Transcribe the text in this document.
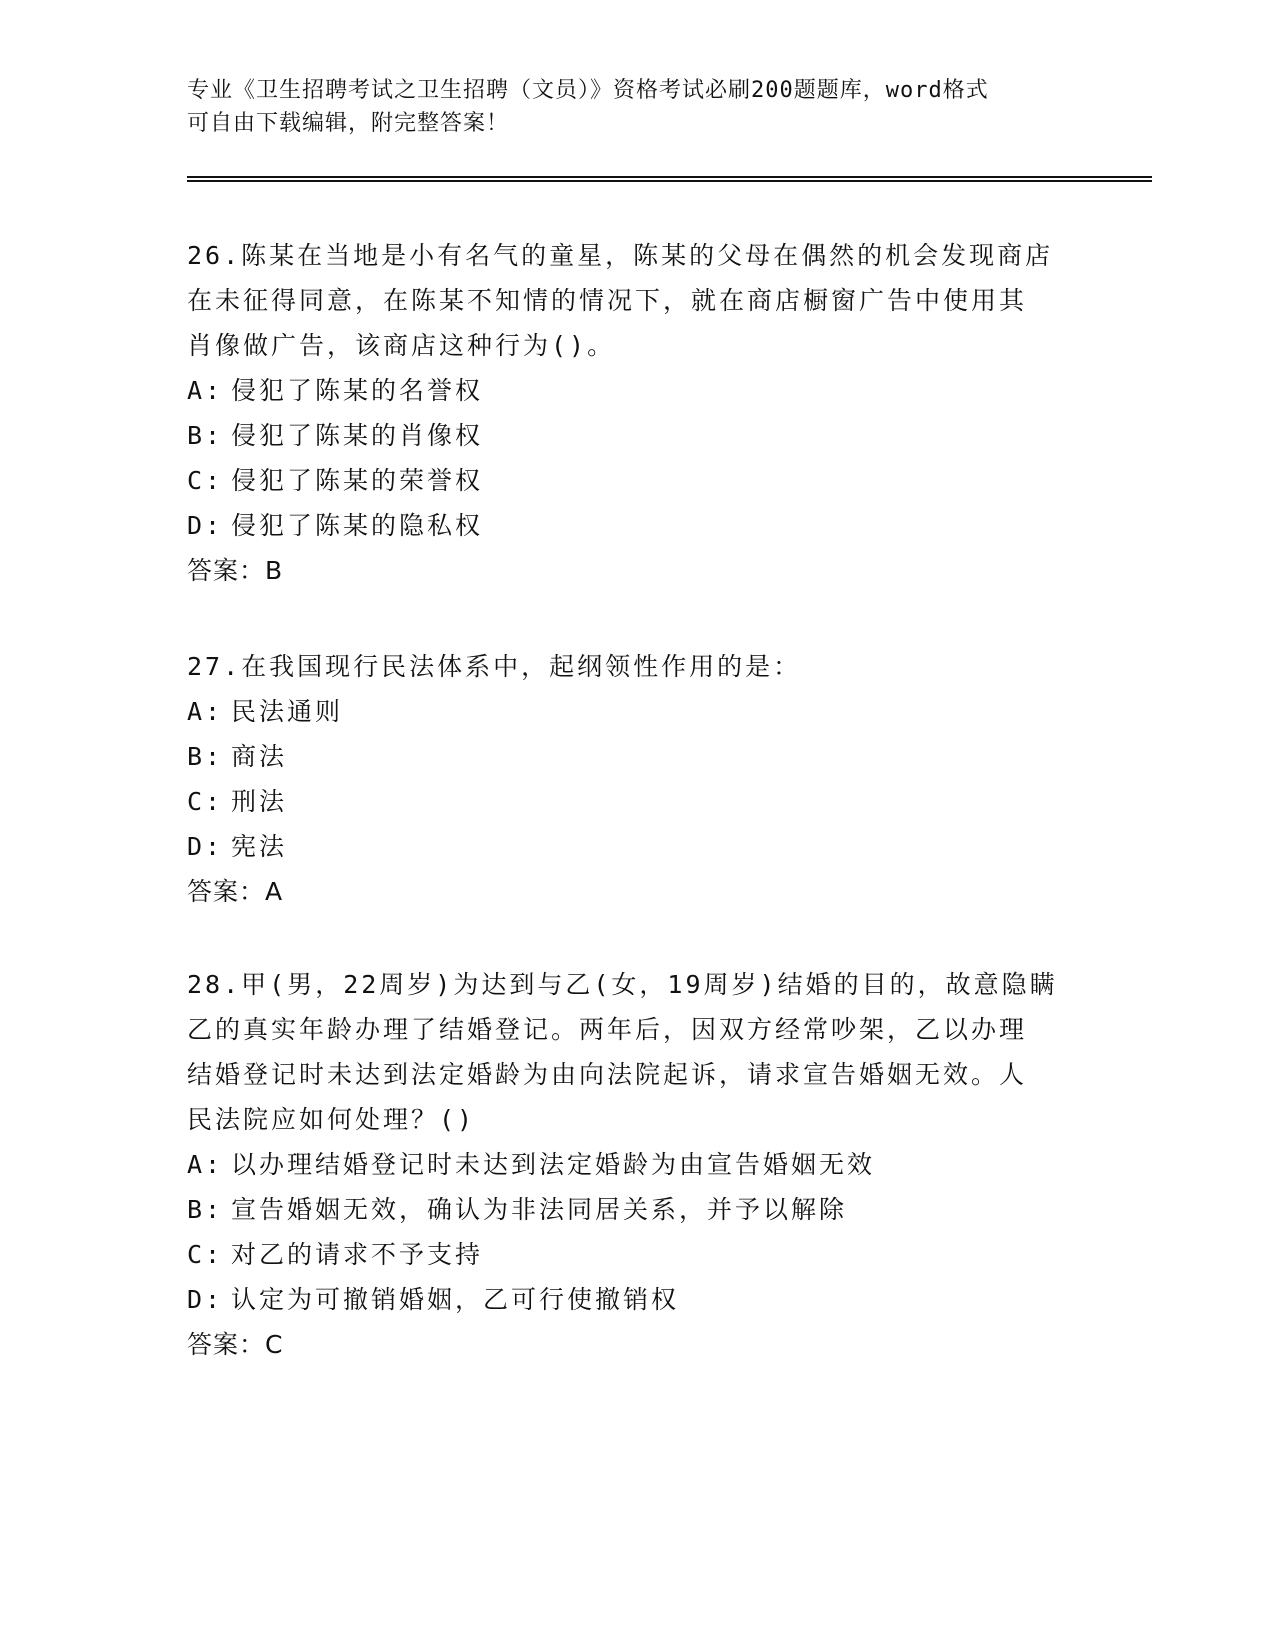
专业《卫生招聘考试之卫生招聘（文员）》资格考试必刷200题题库，word格式
可自由下载编辑，附完整答案！

26.陈某在当地是小有名气的童星，陈某的父母在偶然的机会发现商店

在未征得同意，在陈某不知情的情况下，就在商店橱窗广告中使用其

肖像做广告，该商店这种行为()。

A: 侵犯了陈某的名誉权

B: 侵犯了陈某的肖像权

C: 侵犯了陈某的荣誉权

D: 侵犯了陈某的隐私权

答案：B

27.在我国现行民法体系中，起纲领性作用的是：

A: 民法通则

B: 商法

C: 刑法

D: 宪法

答案：A

28.甲(男，22周岁)为达到与乙(女，19周岁)结婚的目的，故意隐瞒

乙的真实年龄办理了结婚登记。两年后，因双方经常吵架，乙以办理

结婚登记时未达到法定婚龄为由向法院起诉，请求宣告婚姻无效。人

民法院应如何处理？()

A: 以办理结婚登记时未达到法定婚龄为由宣告婚姻无效

B: 宣告婚姻无效，确认为非法同居关系，并予以解除

C: 对乙的请求不予支持

D: 认定为可撤销婚姻，乙可行使撤销权

答案：C
